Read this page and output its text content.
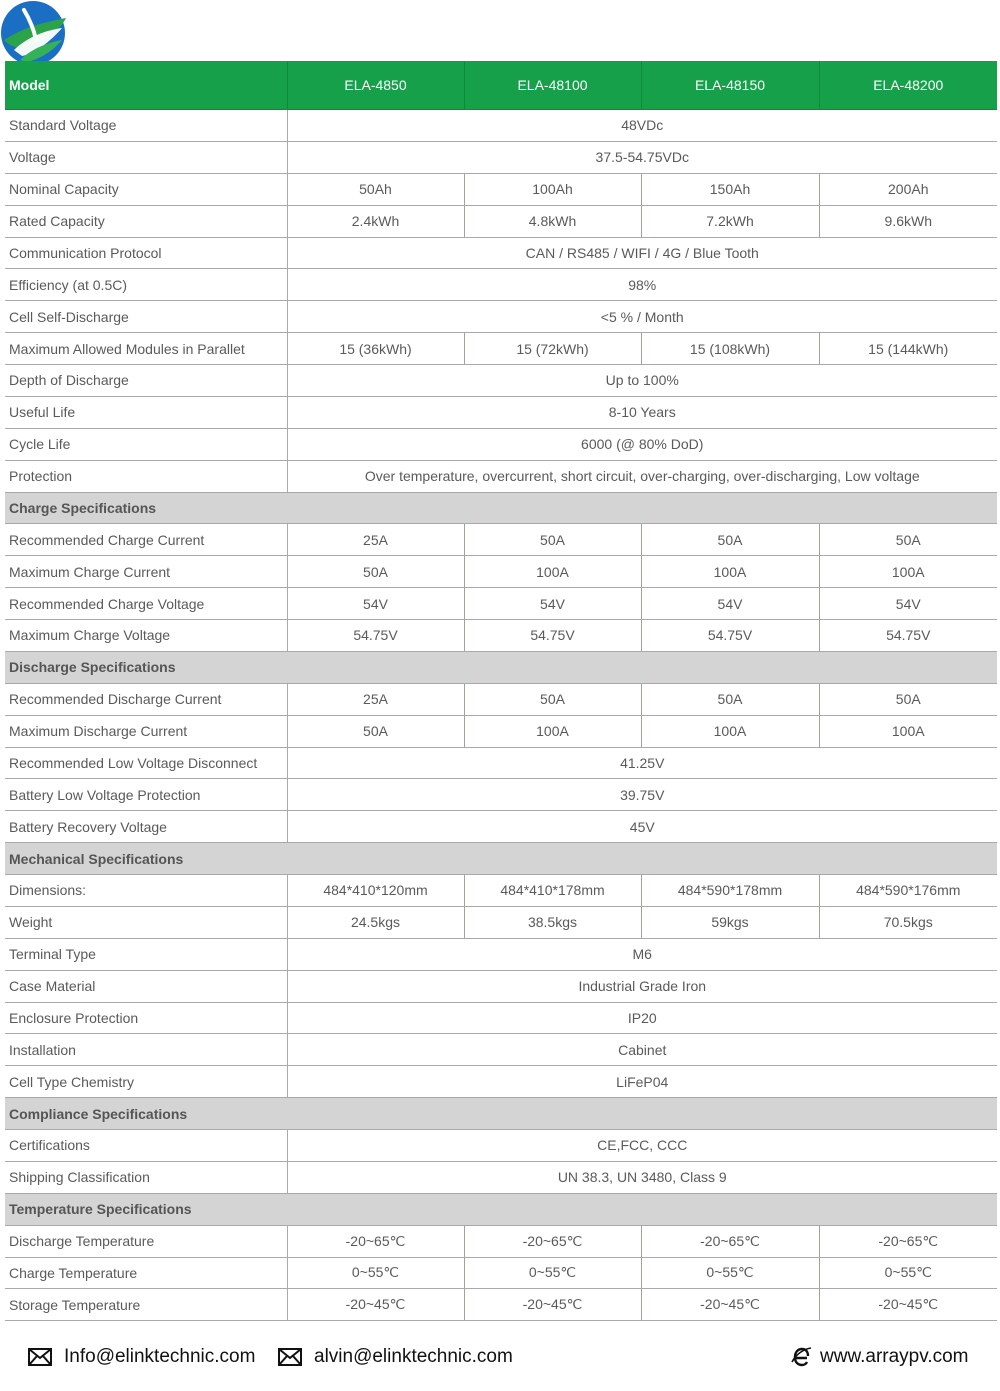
Model	ELA-4850	ELA-48100	ELA-48150	ELA-48200
Standard Voltage	48VDc			
Voltage	37.5-54.75VDc			
Nominal Capacity	50Ah	100Ah	150Ah	200Ah
Rated Capacity	2.4kWh	4.8kWh	7.2kWh	9.6kWh
Communication Protocol	CAN / RS485 / WIFI / 4G / Blue Tooth			
Efficiency (at 0.5C)	98%			
Cell Self-Discharge	<5 % / Month			
Maximum Allowed Modules in Parallet	15 (36kWh)	15 (72kWh)	15 (108kWh)	15 (144kWh)
Depth of Discharge	Up to 100%			
Useful Life	8-10 Years			
Cycle Life	6000 (@ 80% DoD)			
Protection	Over temperature, overcurrent, short circuit, over-charging, over-discharging, Low voltage			
Charge Specifications				
Recommended Charge Current	25A	50A	50A	50A
Maximum Charge Current	50A	100A	100A	100A
Recommended Charge Voltage	54V	54V	54V	54V
Maximum Charge Voltage	54.75V	54.75V	54.75V	54.75V
Discharge Specifications				
Recommended Discharge Current	25A	50A	50A	50A
Maximum Discharge Current	50A	100A	100A	100A
Recommended Low Voltage Disconnect	41.25V			
Battery Low Voltage Protection	39.75V			
Battery Recovery Voltage	45V			
Mechanical Specifications				
Dimensions:	484*410*120mm	484*410*178mm	484*590*178mm	484*590*176mm
Weight	24.5kgs	38.5kgs	59kgs	70.5kgs
Terminal Type	M6			
Case Material	Industrial Grade Iron			
Enclosure Protection	IP20			
Installation	Cabinet			
Cell Type Chemistry	LiFeP04			
Compliance Specifications				
Certifications	CE,FCC, CCC			
Shipping Classification	UN 38.3, UN 3480, Class 9			
Temperature Specifications				
Discharge Temperature	-20~65℃	-20~65℃	-20~65℃	-20~65℃
Charge Temperature	0~55℃	0~55℃	0~55℃	0~55℃
Storage Temperature	-20~45℃	-20~45℃	-20~45℃	-20~45℃
Info@elinktechnic.com	alvin@elinktechnic.com	www.arraypv.com
